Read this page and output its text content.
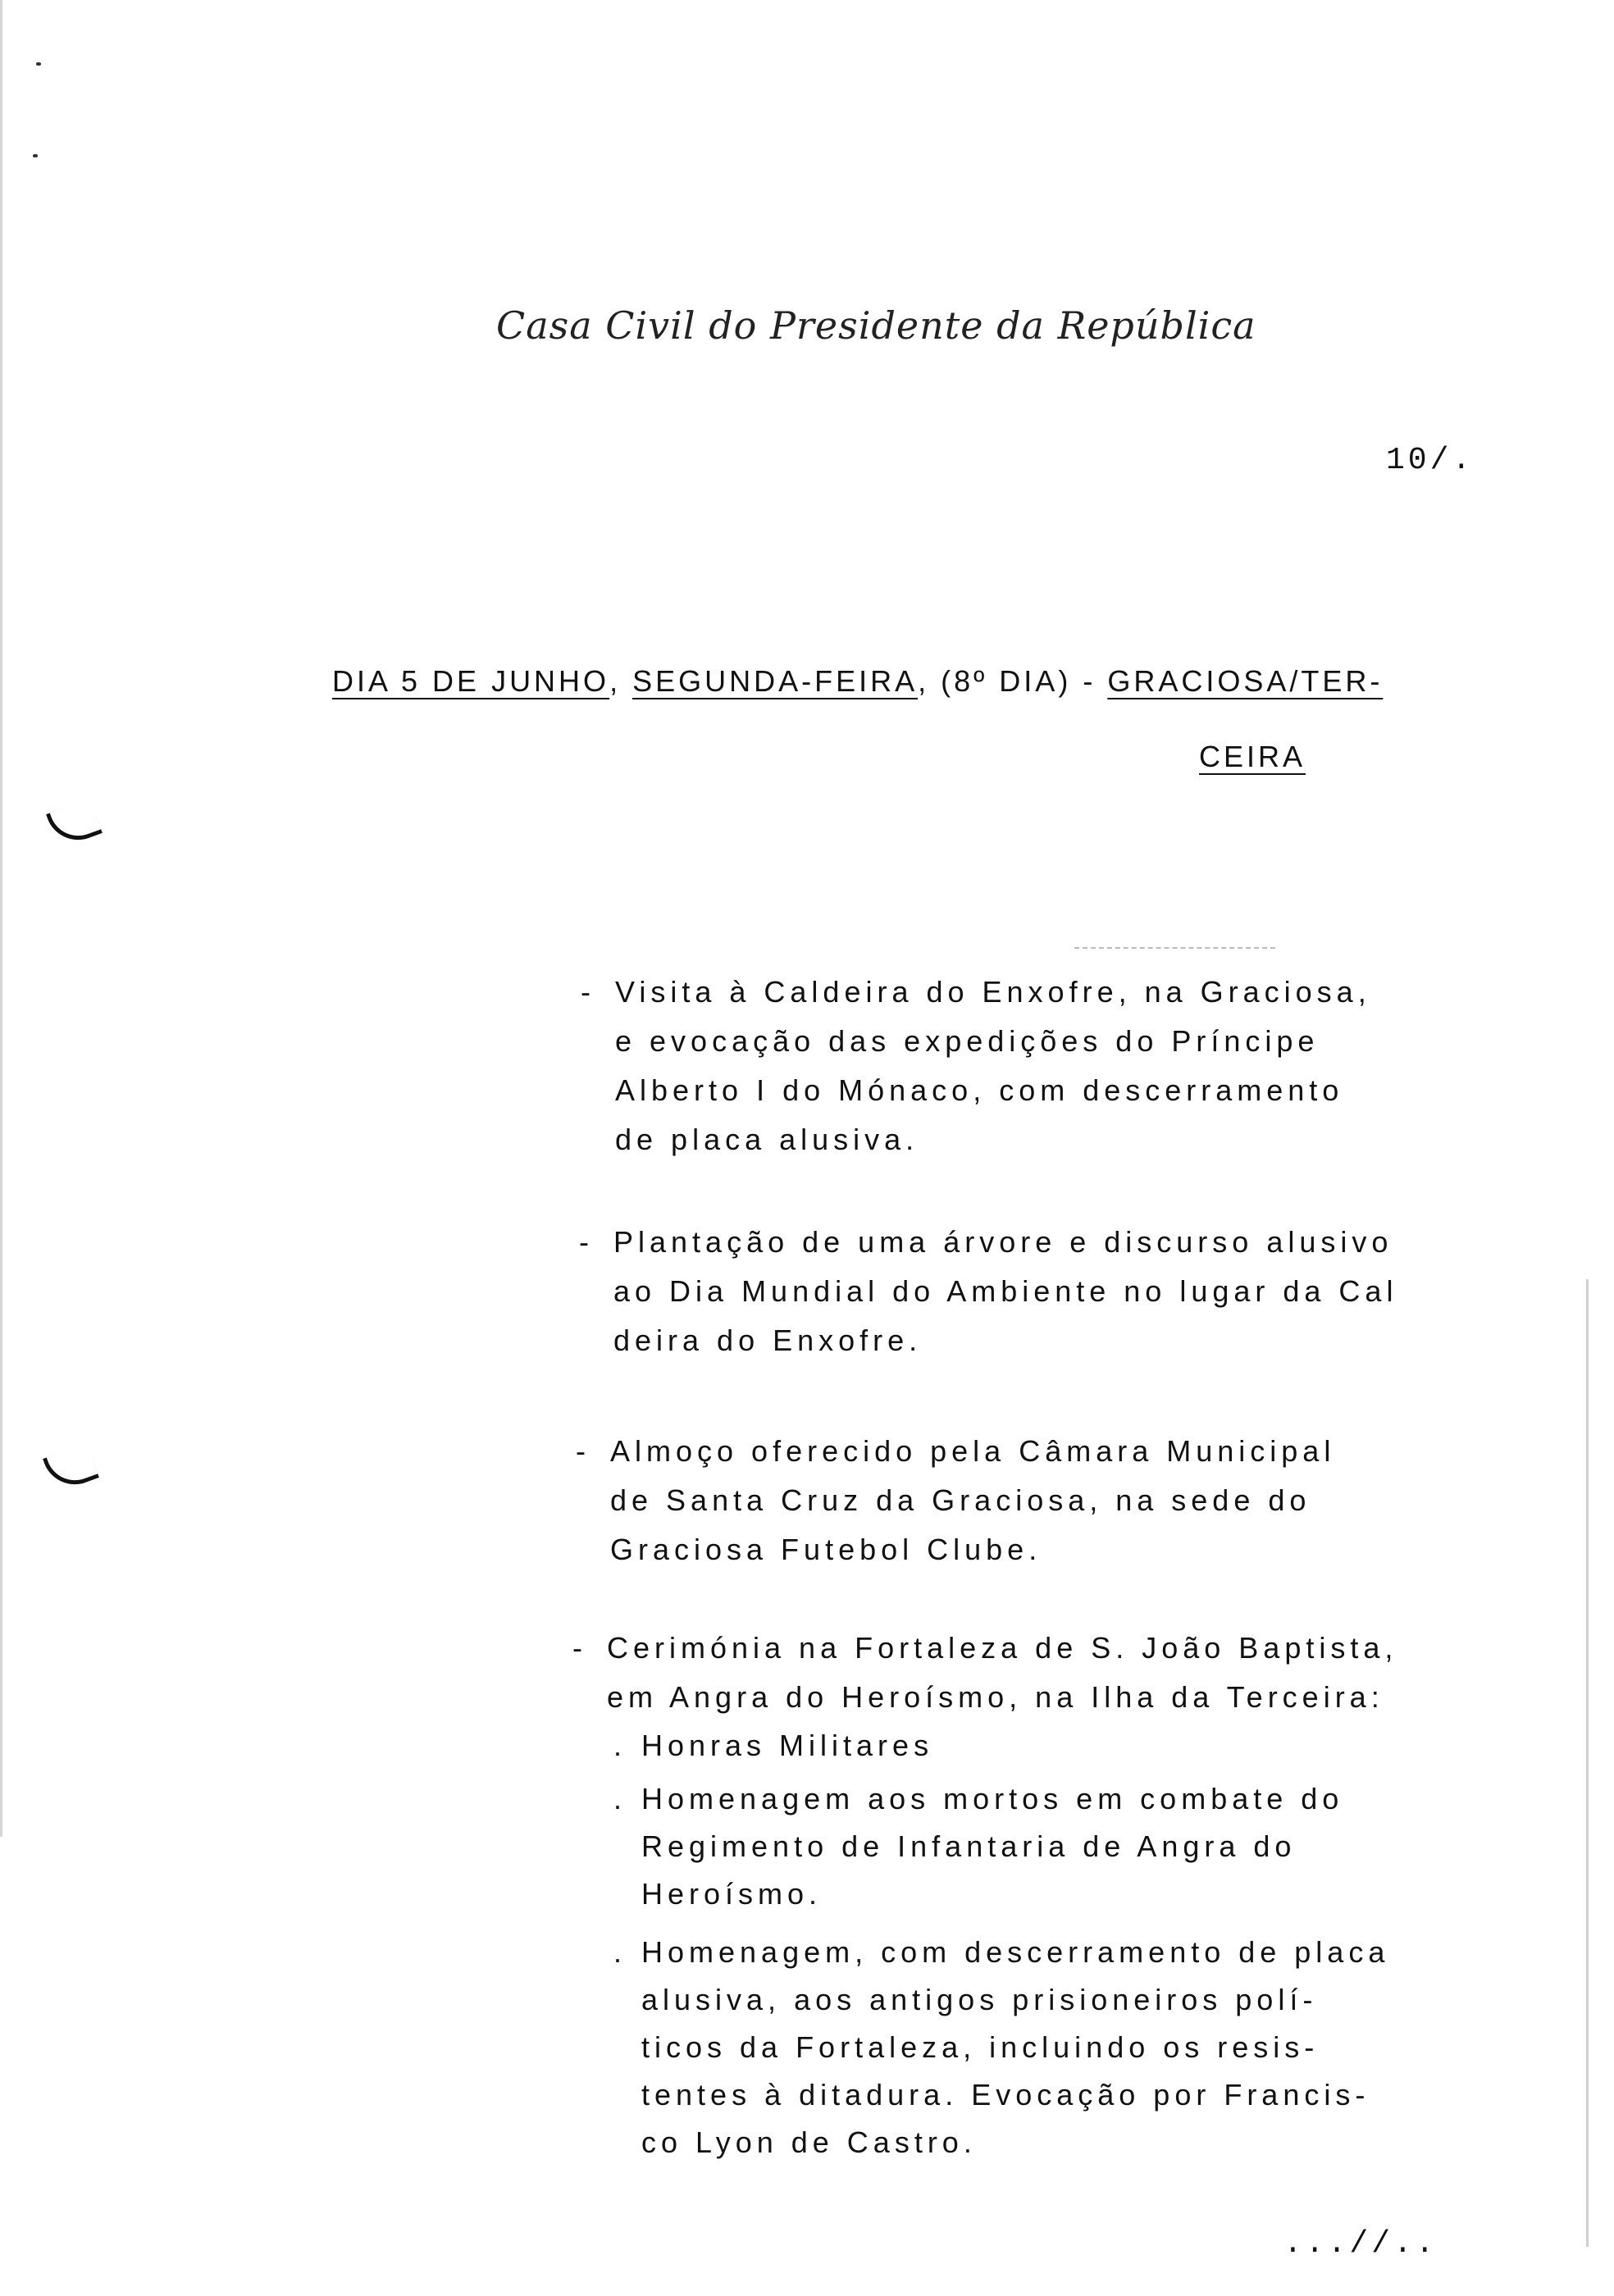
Casa Civil do Presidente da República
10/.
DIA 5 DE JUNHO, SEGUNDA-FEIRA, (8º DIA) - GRACIOSA/TER-
CEIRA
- Visita à Caldeira do Enxofre, na Graciosa,
e evocação das expedições do Príncipe
Alberto I do Mónaco, com descerramento
de placa alusiva.
- Plantação de uma árvore e discurso alusivo
ao Dia Mundial do Ambiente no lugar da Cal
deira do Enxofre.
- Almoço oferecido pela Câmara Municipal
de Santa Cruz da Graciosa, na sede do
Graciosa Futebol Clube.
- Cerimónia na Fortaleza de S. João Baptista,
em Angra do Heroísmo, na Ilha da Terceira:
. Honras Militares
. Homenagem aos mortos em combate do
Regimento de Infantaria de Angra do
Heroísmo.
. Homenagem, com descerramento de placa
alusiva, aos antigos prisioneiros polí-
ticos da Fortaleza, incluindo os resis-
tentes à ditadura. Evocação por Francis-
co Lyon de Castro.
...//..
